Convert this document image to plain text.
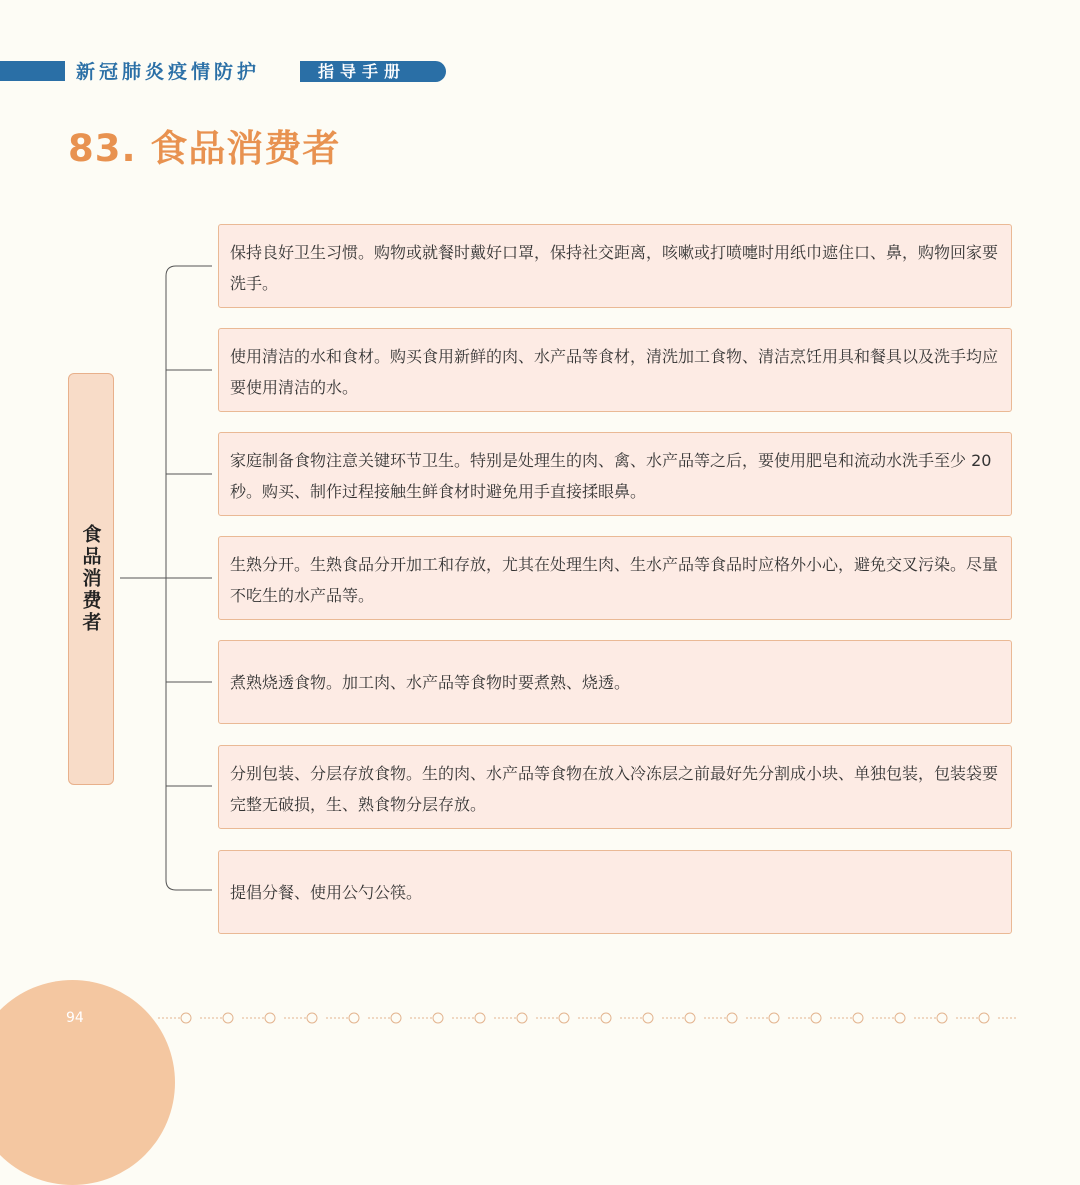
新冠肺炎疫情防护	指导手册
83. 食品消费者
食品消费者
保持良好卫生习惯。购物或就餐时戴好口罩，保持社交距离，咳嗽或打喷嚏时用纸巾遮住口、鼻，购物回家要洗手。
使用清洁的水和食材。购买食用新鲜的肉、水产品等食材，清洗加工食物、清洁烹饪用具和餐具以及洗手均应要使用清洁的水。
家庭制备食物注意关键环节卫生。特别是处理生的肉、禽、水产品等之后，要使用肥皂和流动水洗手至少 20 秒。购买、制作过程接触生鲜食材时避免用手直接揉眼鼻。
生熟分开。生熟食品分开加工和存放，尤其在处理生肉、生水产品等食品时应格外小心，避免交叉污染。尽量不吃生的水产品等。
煮熟烧透食物。加工肉、水产品等食物时要煮熟、烧透。
分别包装、分层存放食物。生的肉、水产品等食物在放入冷冻层之前最好先分割成小块、单独包装，包装袋要完整无破损，生、熟食物分层存放。
提倡分餐、使用公勺公筷。
94
